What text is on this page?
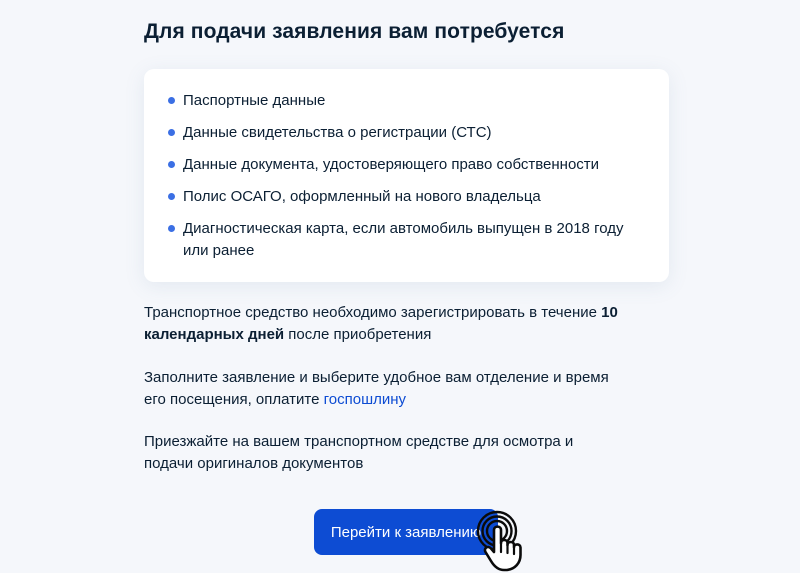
Для подачи заявления вам потребуется
Паспортные данные
Данные свидетельства о регистрации (СТС)
Данные документа, удостоверяющего право собственности
Полис ОСАГО, оформленный на нового владельца
Диагностическая карта, если автомобиль выпущен в 2018 году или ранее

Транспортное средство необходимо зарегистрировать в течение 10 календарных дней после приобретения

Заполните заявление и выберите удобное вам отделение и время его посещения, оплатите госпошлину

Приезжайте на вашем транспортном средстве для осмотра и подачи оригиналов документов

Перейти к заявлению
